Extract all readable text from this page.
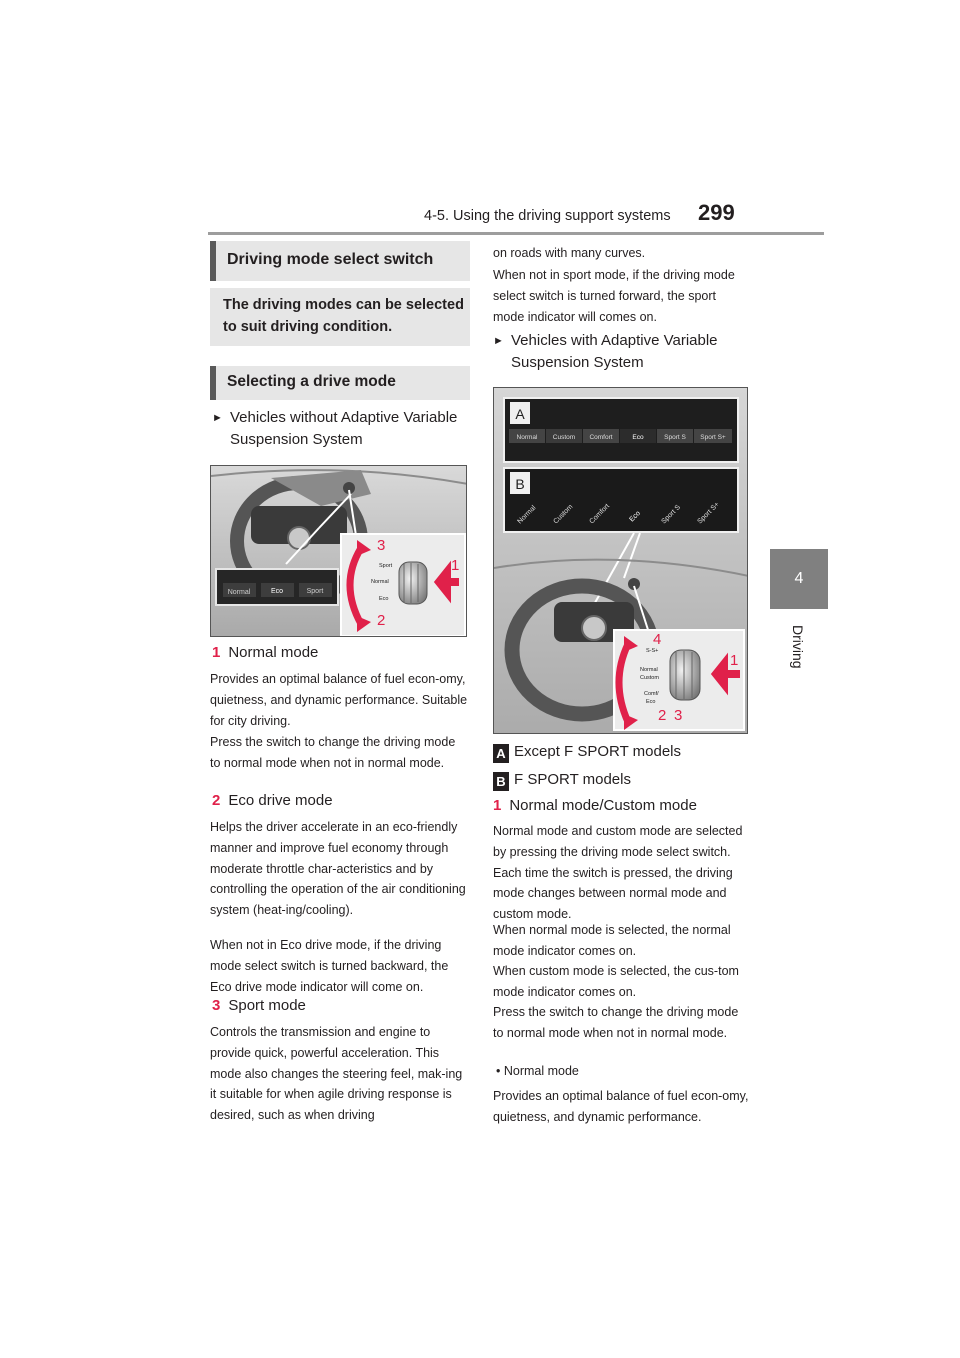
4-5. Using the driving support systems 299
4
Driving
Driving mode select switch
The driving modes can be selected to suit driving condition.
Selecting a drive mode
► Vehicles without Adaptive Variable Suspension System
Normal	Eco	Sport
Sport
Normal
Eco
3
1
2
1 Normal mode
Provides an optimal balance of fuel econ-omy, quietness, and dynamic performance. Suitable for city driving.
Press the switch to change the driving mode to normal mode when not in normal mode.
2 Eco drive mode
Helps the driver accelerate in an eco-friendly manner and improve fuel economy through moderate throttle char-acteristics and by controlling the operation of the air conditioning system (heat-ing/cooling).
When not in Eco drive mode, if the driving mode select switch is turned backward, the Eco drive mode indicator will come on.
3 Sport mode
Controls the transmission and engine to provide quick, powerful acceleration. This mode also changes the steering feel, mak-ing it suitable for when agile driving response is desired, such as when driving
on roads with many curves.
When not in sport mode, if the driving mode select switch is turned forward, the sport mode indicator will comes on.
► Vehicles with Adaptive Variable Suspension System
A
Normal Custom Comfort	Eco	Sport S Sport S+
B
Normal Custom Comfort Eco	Sport S Sport S+
S-S+
Normal
Custom
Comf/
Eco
1
4
2 3
A Except F SPORT models
B F SPORT models
1 Normal mode/Custom mode
Normal mode and custom mode are selected by pressing the driving mode select switch. Each time the switch is pressed, the driving mode changes between normal mode and custom mode.
When normal mode is selected, the normal mode indicator comes on.
When custom mode is selected, the cus-tom mode indicator comes on.
Press the switch to change the driving mode to normal mode when not in normal mode.
• Normal mode
Provides an optimal balance of fuel econ-omy, quietness, and dynamic performance.
